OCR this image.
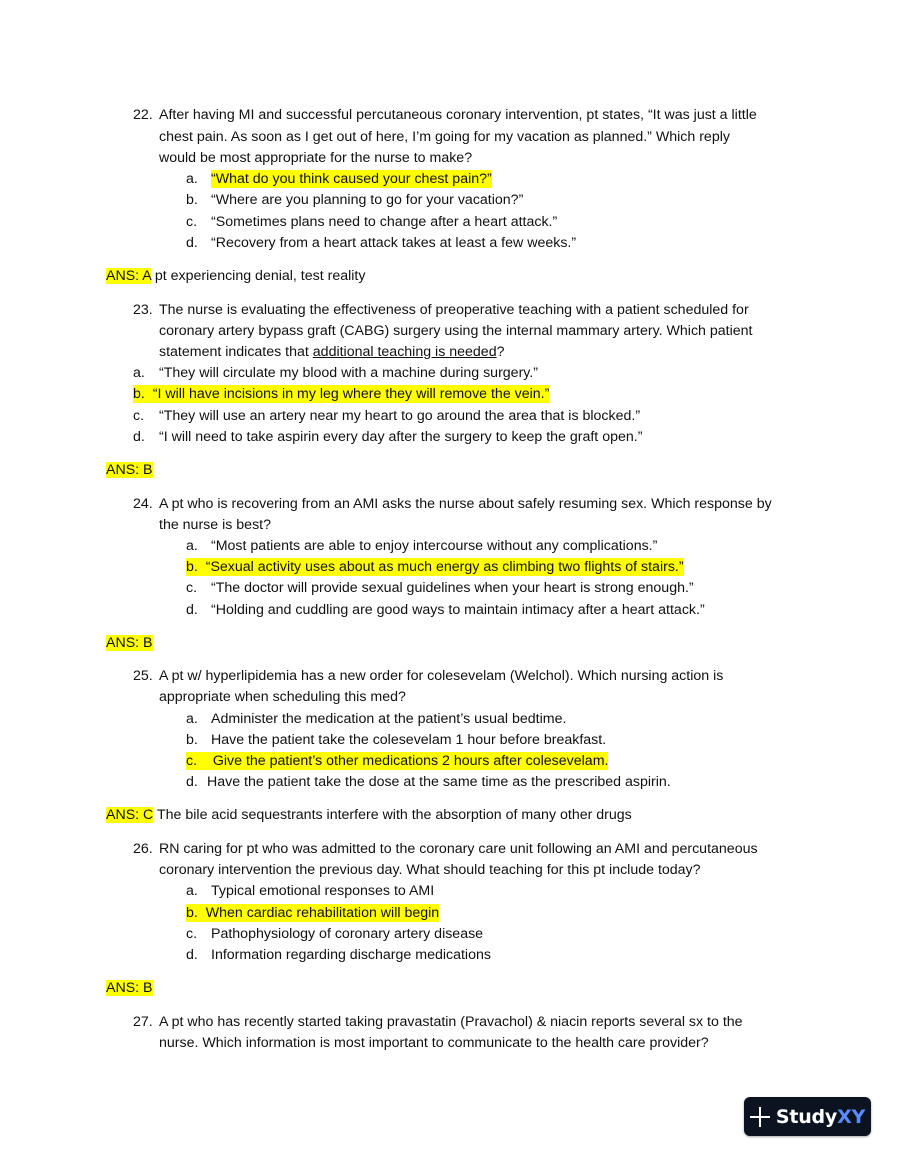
22. After having MI and successful percutaneous coronary intervention, pt states, “It was just a little
chest pain. As soon as I get out of here, I’m going for my vacation as planned.” Which reply
would be most appropriate for the nurse to make?
a. “What do you think caused your chest pain?”
b. “Where are you planning to go for your vacation?”
c. “Sometimes plans need to change after a heart attack.”
d. “Recovery from a heart attack takes at least a few weeks.”
ANS: A pt experiencing denial, test reality
23. The nurse is evaluating the effectiveness of preoperative teaching with a patient scheduled for
coronary artery bypass graft (CABG) surgery using the internal mammary artery. Which patient
statement indicates that additional teaching is needed?
a. “They will circulate my blood with a machine during surgery.”
b. “I will have incisions in my leg where they will remove the vein.”
c. “They will use an artery near my heart to go around the area that is blocked.”
d. “I will need to take aspirin every day after the surgery to keep the graft open.”
ANS: B
24. A pt who is recovering from an AMI asks the nurse about safely resuming sex. Which response by
the nurse is best?
a. “Most patients are able to enjoy intercourse without any complications.”
b. “Sexual activity uses about as much energy as climbing two flights of stairs.”
c. “The doctor will provide sexual guidelines when your heart is strong enough.”
d. “Holding and cuddling are good ways to maintain intimacy after a heart attack.”
ANS: B
25. A pt w/ hyperlipidemia has a new order for colesevelam (Welchol). Which nursing action is
appropriate when scheduling this med?
a. Administer the medication at the patient’s usual bedtime.
b. Have the patient take the colesevelam 1 hour before breakfast.
c. Give the patient’s other medications 2 hours after colesevelam.
d. Have the patient take the dose at the same time as the prescribed aspirin.
ANS: C The bile acid sequestrants interfere with the absorption of many other drugs
26. RN caring for pt who was admitted to the coronary care unit following an AMI and percutaneous
coronary intervention the previous day. What should teaching for this pt include today?
a. Typical emotional responses to AMI
b. When cardiac rehabilitation will begin
c. Pathophysiology of coronary artery disease
d. Information regarding discharge medications
ANS: B
27. A pt who has recently started taking pravastatin (Pravachol) & niacin reports several sx to the
nurse. Which information is most important to communicate to the health care provider?
StudyXY
